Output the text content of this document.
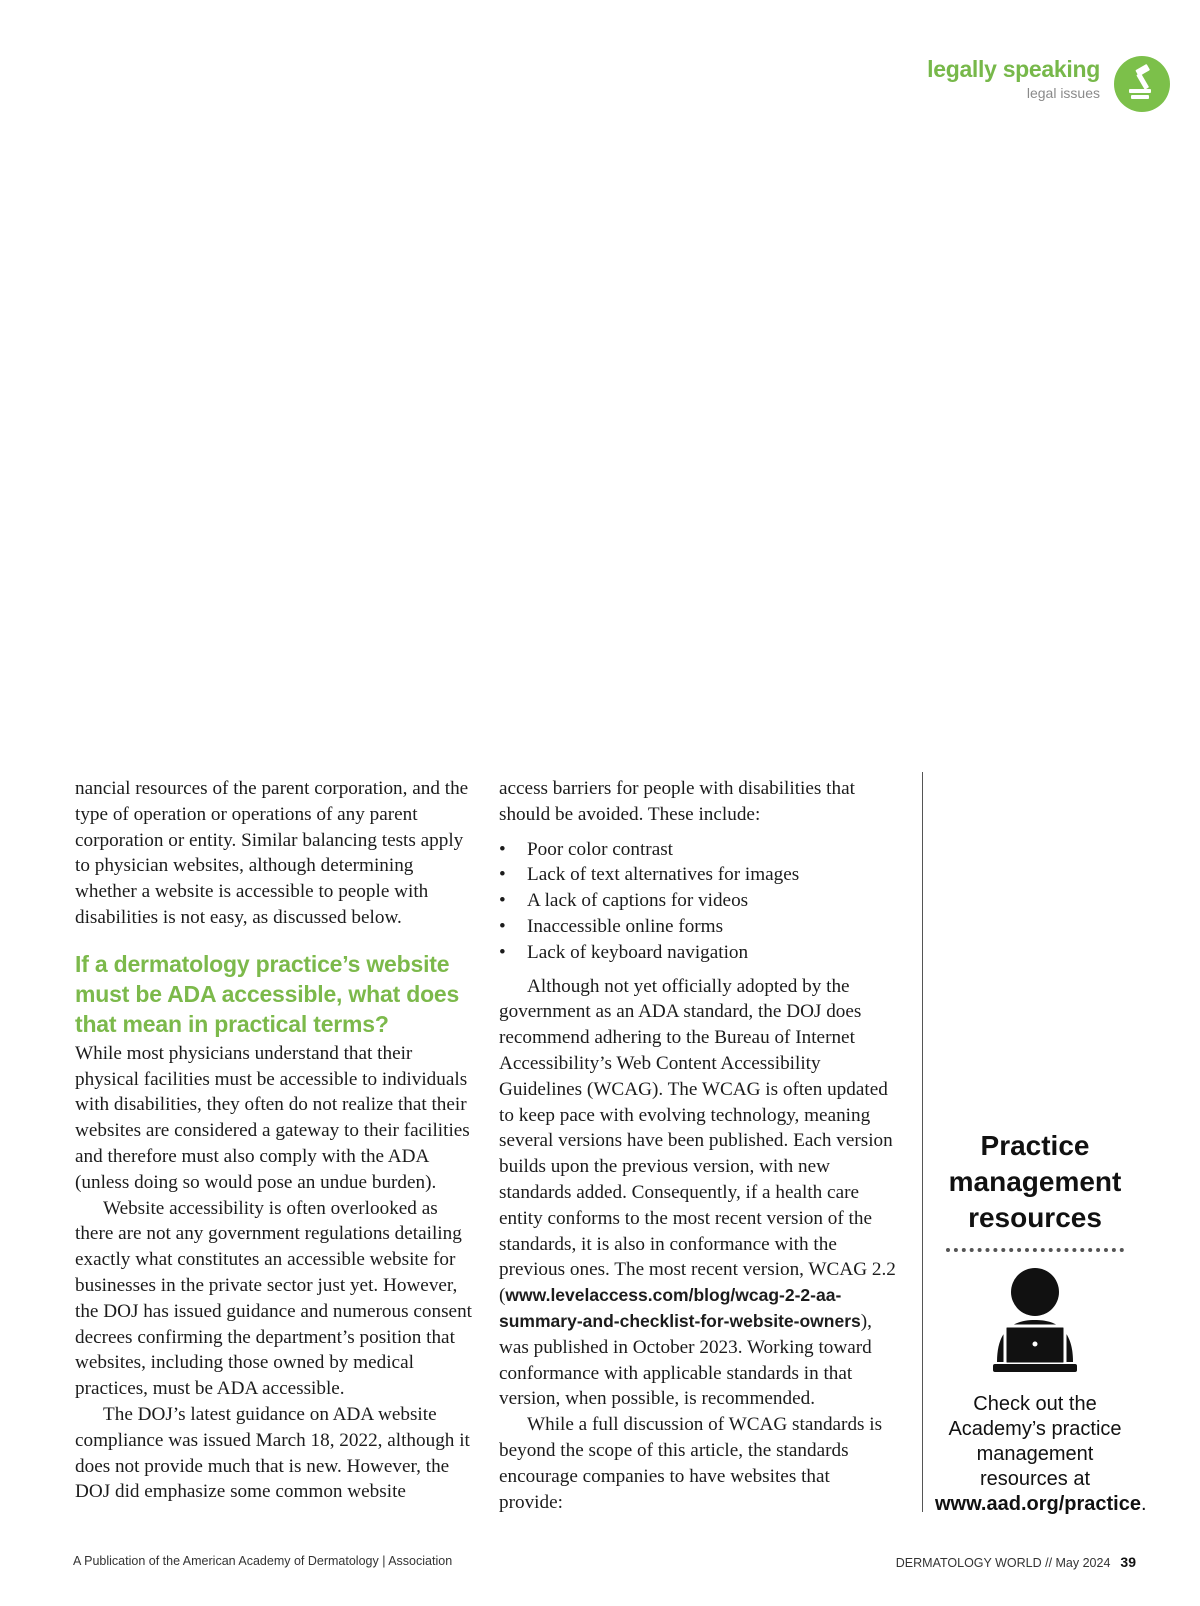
legally speaking
legal issues

nancial resources of the parent corporation, and the type of operation or operations of any parent corporation or entity. Similar balancing tests apply to physician websites, although determining whether a website is accessible to people with disabilities is not easy, as discussed below.

If a dermatology practice’s website must be ADA accessible, what does that mean in practical terms?

While most physicians understand that their physical facilities must be accessible to individuals with disabilities, they often do not realize that their websites are considered a gateway to their facilities and therefore must also comply with the ADA (unless doing so would pose an undue burden).

Website accessibility is often overlooked as there are not any government regulations detailing exactly what constitutes an accessible website for businesses in the private sector just yet. However, the DOJ has issued guidance and numerous consent decrees confirming the department’s position that websites, including those owned by medical practices, must be ADA accessible.

The DOJ’s latest guidance on ADA website compliance was issued March 18, 2022, although it does not provide much that is new. However, the DOJ did emphasize some common website

access barriers for people with disabilities that should be avoided. These include:

• Poor color contrast
• Lack of text alternatives for images
• A lack of captions for videos
• Inaccessible online forms
• Lack of keyboard navigation

Although not yet officially adopted by the government as an ADA standard, the DOJ does recommend adhering to the Bureau of Internet Accessibility’s Web Content Accessibility Guidelines (WCAG). The WCAG is often updated to keep pace with evolving technology, meaning several versions have been published. Each version builds upon the previous version, with new standards added. Consequently, if a health care entity conforms to the most recent version of the standards, it is also in conformance with the previous ones. The most recent version, WCAG 2.2 (www.levelaccess.com/blog/wcag-2-2-aa-summary-and-checklist-for-website-owners), was published in October 2023. Working toward conformance with applicable standards in that version, when possible, is recommended.

While a full discussion of WCAG standards is beyond the scope of this article, the standards encourage companies to have websites that provide:

Practice management resources
Check out the Academy’s practice management resources at www.aad.org/practice.
A Publication of the American Academy of Dermatology | Association	DERMATOLOGY WORLD // May 2024 39
